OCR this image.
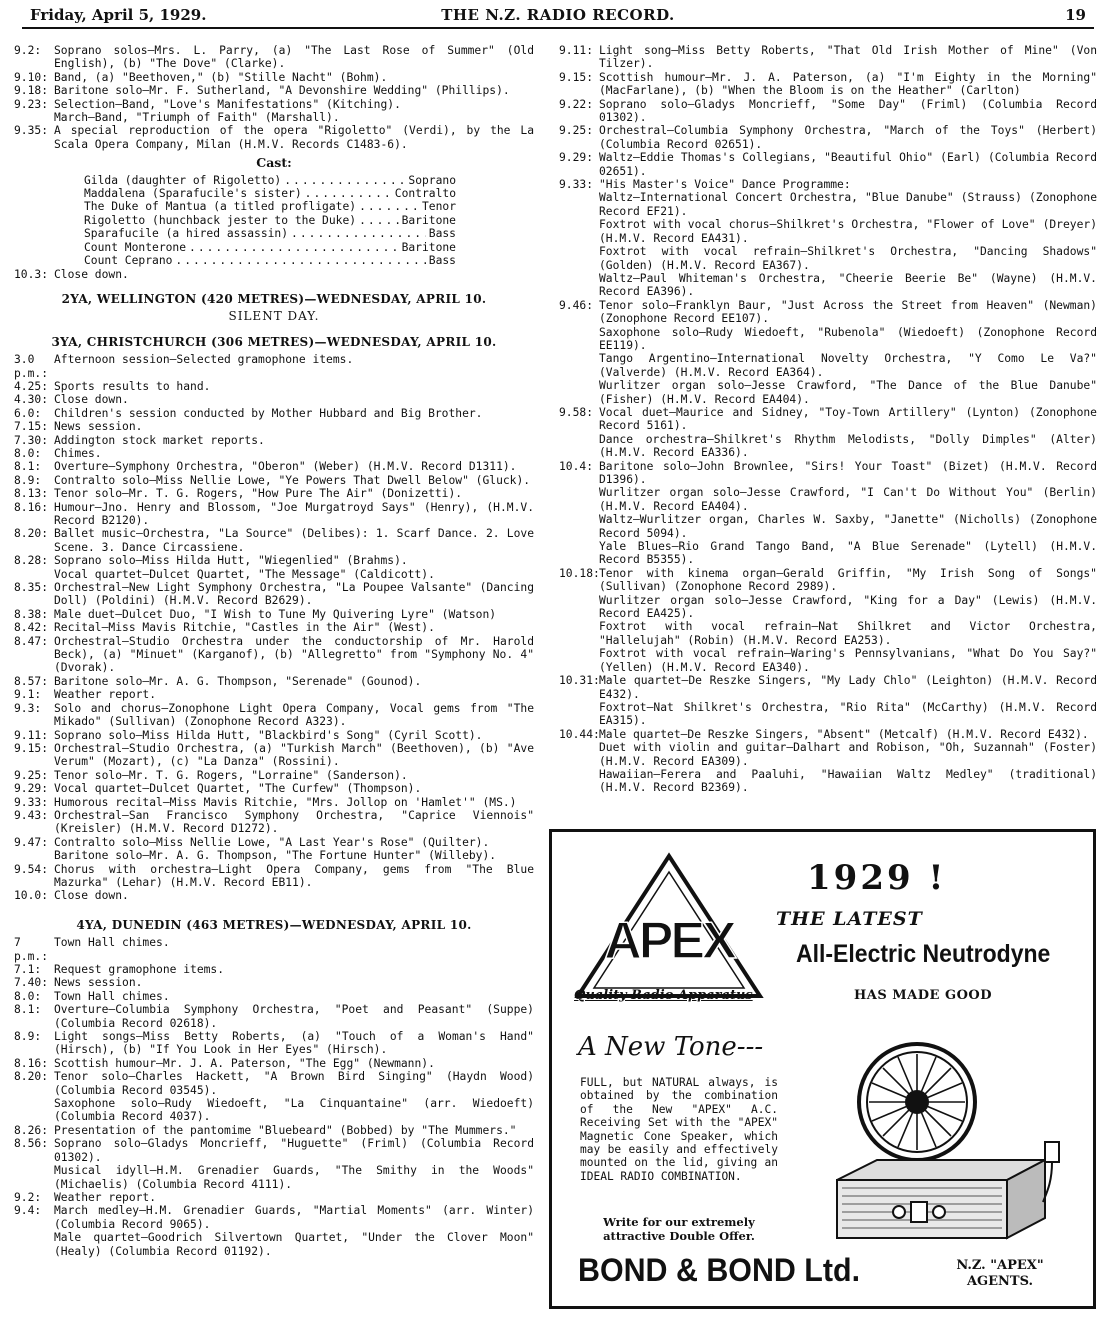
Friday, April 5, 1929.	THE N.Z. RADIO RECORD.	19
9.2:	Soprano solos—Mrs. L. Parry, (a) "The Last Rose of Summer" (Old English), (b) "The Dove" (Clarke).
9.10: Band, (a) "Beethoven," (b) "Stille Nacht" (Bohm).
9.18: Baritone solo—Mr. F. Sutherland, "A Devonshire Wedding" (Phillips).
9.23: Selection—Band, "Love's Manifestations" (Kitching).
March—Band, "Triumph of Faith" (Marshall).
9.35: A special reproduction of the opera "Rigoletto" (Verdi), by the La Scala Opera Company, Milan (H.M.V. Records C1483-6).
Cast:
Gilda (daughter of Rigoletto) .....	Soprano
Maddalena (Sparafucile's sister) .....	Contralto
The Duke of Mantua (a titled profligate) .....	Tenor
Rigoletto (hunchback jester to the Duke) .....	Baritone
Sparafucile (a hired assassin) .....	Bass
Count Monterone .....	Baritone
Count Ceprano .....	Bass
10.3: Close down.
2YA, WELLINGTON (420 METRES)—WEDNESDAY, APRIL 10.
SILENT DAY.
3YA, CHRISTCHURCH (306 METRES)—WEDNESDAY, APRIL 10.
3.0 p.m.:
Afternoon session—Selected gramophone items.
4.25: Sports results to hand.
4.30: Close down.
6.0:	Children's session conducted by Mother Hubbard and Big Brother.
7.15: News session.
7.30: Addington stock market reports.
8.0:	Chimes.
8.1:	Overture—Symphony Orchestra, "Oberon" (Weber) (H.M.V. Record D1311).
8.9:	Contralto solo—Miss Nellie Lowe, "Ye Powers That Dwell Below" (Gluck).
8.13: Tenor solo—Mr. T. G. Rogers, "How Pure The Air" (Donizetti).
8.16: Humour—Jno. Henry and Blossom, "Joe Murgatroyd Says" (Henry), (H.M.V. Record B2120).
8.20: Ballet music—Orchestra, "La Source" (Delibes): 1. Scarf Dance. 2. Love Scene. 3. Dance Circassiene.
8.28: Soprano solo—Miss Hilda Hutt, "Wiegenlied" (Brahms).
Vocal quartet—Dulcet Quartet, "The Message" (Caldicott).
8.35: Orchestral—New Light Symphony Orchestra, "La Poupee Valsante" (Dancing Doll) (Poldini) (H.M.V. Record B2629).
8.38: Male duet—Dulcet Duo, "I Wish to Tune My Quivering Lyre" (Watson)
8.42: Recital—Miss Mavis Ritchie, "Castles in the Air" (West).
8.47: Orchestral—Studio Orchestra under the conductorship of Mr. Harold Beck), (a) "Minuet" (Karganof), (b) "Allegretto" from "Symphony No. 4" (Dvorak).
8.57: Baritone solo—Mr. A. G. Thompson, "Serenade" (Gounod).
9.1:	Weather report.
9.3:	Solo and chorus—Zonophone Light Opera Company, Vocal gems from "The Mikado" (Sullivan) (Zonophone Record A323).
9.11: Soprano solo—Miss Hilda Hutt, "Blackbird's Song" (Cyril Scott).
9.15: Orchestral—Studio Orchestra, (a) "Turkish March" (Beethoven), (b) "Ave Verum" (Mozart), (c) "La Danza" (Rossini).
9.25: Tenor solo—Mr. T. G. Rogers, "Lorraine" (Sanderson).
9.29: Vocal quartet—Dulcet Quartet, "The Curfew" (Thompson).
9.33: Humorous recital—Miss Mavis Ritchie, "Mrs. Jollop on 'Hamlet'" (MS.)
9.43: Orchestral—San Francisco Symphony Orchestra, "Caprice Viennois" (Kreisler) (H.M.V. Record D1272).
9.47: Contralto solo—Miss Nellie Lowe, "A Last Year's Rose" (Quilter).
Baritone solo—Mr. A. G. Thompson, "The Fortune Hunter" (Willeby).
9.54: Chorus with orchestra—Light Opera Company, gems from "The Blue Mazurka" (Lehar) (H.M.V. Record EB11).
10.0: Close down.
4YA, DUNEDIN (463 METRES)—WEDNESDAY, APRIL 10.
7 p.m.:
Town Hall chimes.
7.1:	Request gramophone items.
7.40: News session.
8.0:	Town Hall chimes.
8.1:	Overture—Columbia Symphony Orchestra, "Poet and Peasant" (Suppe) (Columbia Record 02618).
8.9:	Light songs—Miss Betty Roberts, (a) "Touch of a Woman's Hand" (Hirsch), (b) "If You Look in Her Eyes" (Hirsch).
8.16: Scottish humour—Mr. J. A. Paterson, "The Egg" (Newmann).
8.20: Tenor solo—Charles Hackett, "A Brown Bird Singing" (Haydn Wood) (Columbia Record 03545).
Saxophone solo—Rudy Wiedoeft, "La Cinquantaine" (arr. Wiedoeft) (Columbia Record 4037).
8.26: Presentation of the pantomime "Bluebeard" (Bobbed) by "The Mummers."
8.56: Soprano solo—Gladys Moncrieff, "Huguette" (Friml) (Columbia Record 01302).
Musical idyll—H.M. Grenadier Guards, "The Smithy in the Woods" (Michaelis) (Columbia Record 4111).
9.2:	Weather report.
9.4:	March medley—H.M. Grenadier Guards, "Martial Moments" (arr. Winter) (Columbia Record 9065).
Male quartet—Goodrich Silvertown Quartet, "Under the Clover Moon" (Healy) (Columbia Record 01192).
9.11: Light song—Miss Betty Roberts, "That Old Irish Mother of Mine" (Von Tilzer).
9.15: Scottish humour—Mr. J. A. Paterson, (a) "I'm Eighty in the Morning" (MacFarlane), (b) "When the Bloom is on the Heather" (Carlton)
9.22: Soprano solo—Gladys Moncrieff, "Some Day" (Friml) (Columbia Record 01302).
9.25: Orchestral—Columbia Symphony Orchestra, "March of the Toys" (Herbert) (Columbia Record 02651).
9.29: Waltz—Eddie Thomas's Collegians, "Beautiful Ohio" (Earl) (Columbia Record 02651).
9.33: "His Master's Voice" Dance Programme:
Waltz—International Concert Orchestra, "Blue Danube" (Strauss) (Zonophone Record EF21).
Foxtrot with vocal chorus—Shilkret's Orchestra, "Flower of Love" (Dreyer) (H.M.V. Record EA431).
Foxtrot with vocal refrain—Shilkret's Orchestra, "Dancing Shadows" (Golden) (H.M.V. Record EA367).
Waltz—Paul Whiteman's Orchestra, "Cheerie Beerie Be" (Wayne) (H.M.V. Record EA396).
9.46: Tenor solo—Franklyn Baur, "Just Across the Street from Heaven" (Newman) (Zonophone Record EE107).
Saxophone solo—Rudy Wiedoeft, "Rubenola" (Wiedoeft) (Zonophone Record EE119).
Tango Argentino—International Novelty Orchestra, "Y Como Le Va?" (Valverde) (H.M.V. Record EA364).
Wurlitzer organ solo—Jesse Crawford, "The Dance of the Blue Danube" (Fisher) (H.M.V. Record EA404).
9.58: Vocal duet—Maurice and Sidney, "Toy-Town Artillery" (Lynton) (Zonophone Record 5161).
Dance orchestra—Shilkret's Rhythm Melodists, "Dolly Dimples" (Alter) (H.M.V. Record EA336).
10.4: Baritone solo—John Brownlee, "Sirs! Your Toast" (Bizet) (H.M.V. Record D1396).
Wurlitzer organ solo—Jesse Crawford, "I Can't Do Without You" (Berlin) (H.M.V. Record EA404).
Waltz—Wurlitzer organ, Charles W. Saxby, "Janette" (Nicholls) (Zonophone Record 5094).
Yale Blues—Rio Grand Tango Band, "A Blue Serenade" (Lytell) (H.M.V. Record B5355).
10.18: Tenor with kinema organ—Gerald Griffin, "My Irish Song of Songs" (Sullivan) (Zonophone Record 2989).
Wurlitzer organ solo—Jesse Crawford, "King for a Day" (Lewis) (H.M.V. Record EA425).
Foxtrot with vocal refrain—Nat Shilkret and Victor Orchestra, "Hallelujah" (Robin) (H.M.V. Record EA253).
Foxtrot with vocal refrain—Waring's Pennsylvanians, "What Do You Say?" (Yellen) (H.M.V. Record EA340).
10.31: Male quartet—De Reszke Singers, "My Lady Chlo" (Leighton) (H.M.V. Record E432).
Foxtrot—Nat Shilkret's Orchestra, "Rio Rita" (McCarthy) (H.M.V. Record EA315).
10.44: Male quartet—De Reszke Singers, "Absent" (Metcalf) (H.M.V. Record E432).
Duet with violin and guitar—Dalhart and Robison, "Oh, Suzannah" (Foster) (H.M.V. Record EA309).
Hawaiian—Ferera and Paaluhi, "Hawaiian Waltz Medley" (traditional) (H.M.V. Record B2369).
APEX
Quality Radio Apparatus
1929 !
THE LATEST
All-Electric Neutrodyne
HAS MADE GOOD
A New Tone---
FULL, but NATURAL always, is obtained by the combination of the New "APEX" A.C. Receiving Set with the "APEX" Magnetic Cone Speaker, which may be easily and effectively mounted on the lid, giving an IDEAL RADIO COMBINATION.
Write for our extremely attractive Double Offer.
BOND & BOND Ltd.	N.Z. "APEX"
AGENTS.
